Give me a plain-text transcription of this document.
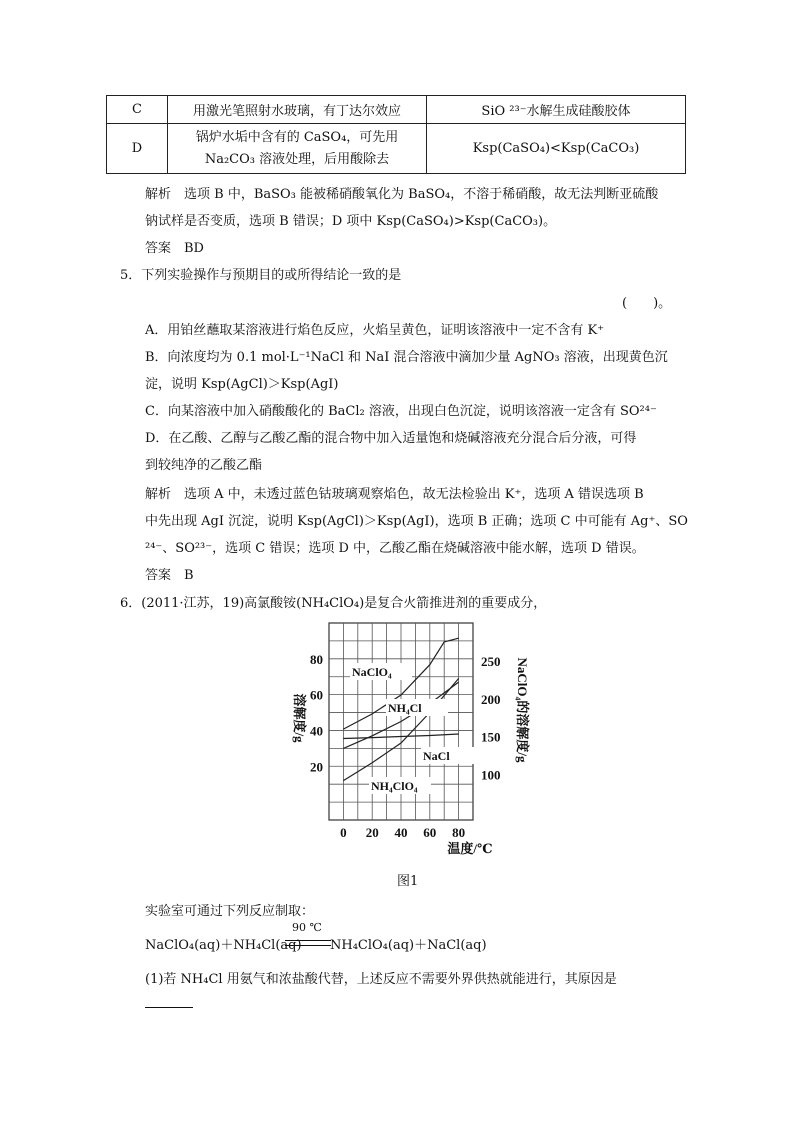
C	用激光笔照射水玻璃，有丁达尔效应	SiO ²³⁻水解生成硅酸胶体
D	锅炉水垢中含有的 CaSO₄，可先用
Na₂CO₃ 溶液处理，后用酸除去	Ksp(CaSO₄)<Ksp(CaCO₃)
解析　选项 B 中，BaSO₃ 能被稀硝酸氧化为 BaSO₄，不溶于稀硝酸，故无法判断亚硫酸
钠试样是否变质，选项 B 错误；D 项中 Ksp(CaSO₄)>Ksp(CaCO₃)。
答案　BD
5．下列实验操作与预期目的或所得结论一致的是
(　　)。
A．用铂丝蘸取某溶液进行焰色反应，火焰呈黄色，证明该溶液中一定不含有 K⁺
B．向浓度均为 0.1 mol·L⁻¹NaCl 和 NaI 混合溶液中滴加少量 AgNO₃ 溶液，出现黄色沉
淀，说明 Ksp(AgCl)＞Ksp(AgI)
C．向某溶液中加入硝酸酸化的 BaCl₂ 溶液，出现白色沉淀，说明该溶液一定含有 SO²⁴⁻
D．在乙酸、乙醇与乙酸乙酯的混合物中加入适量饱和烧碱溶液充分混合后分液，可得
到较纯净的乙酸乙酯
解析　选项 A 中，未透过蓝色钴玻璃观察焰色，故无法检验出 K⁺，选项 A 错误选项 B
中先出现 AgI 沉淀，说明 Ksp(AgCl)＞Ksp(AgI)，选项 B 正确；选项 C 中可能有 Ag⁺、SO
²⁴⁻、SO²³⁻，选项 C 错误；选项 D 中，乙酸乙酯在烧碱溶液中能水解，选项 D 错误。
答案　B
6．(2011·江苏，19)高氯酸铵(NH₄ClO₄)是复合火箭推进剂的重要成分，
0 20 40 60 80
20
40
60
80
100
150
200
250
温度/℃
溶解度/g	NaClO₄的溶解度/g
NaClO₄
NH₄Cl
NaCl
NH₄ClO₄
图1
实验室可通过下列反应制取：
NaClO₄(aq)＋NH₄Cl(aq)
90 ℃
NH₄ClO₄(aq)＋NaCl(aq)
(1)若 NH₄Cl 用氨气和浓盐酸代替，上述反应不需要外界供热就能进行，其原因是
